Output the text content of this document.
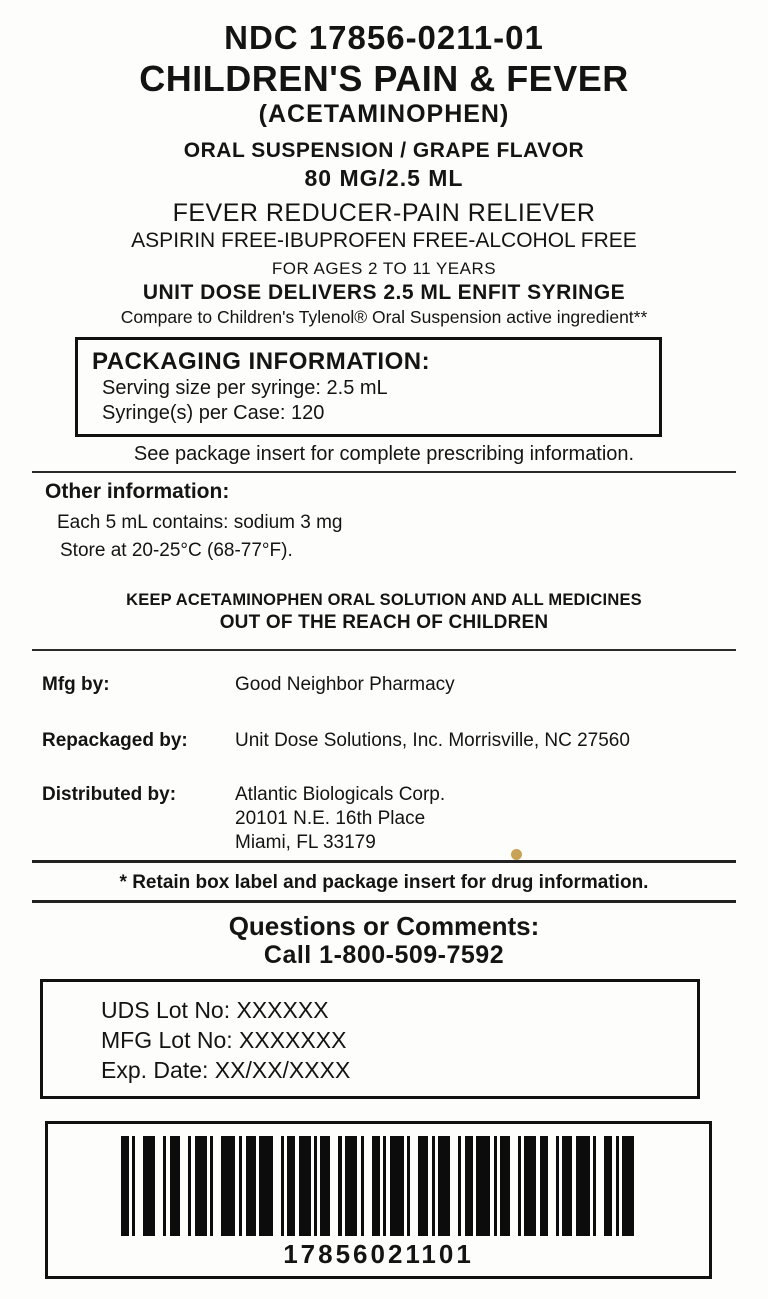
NDC 17856-0211-01
CHILDREN'S PAIN & FEVER
(ACETAMINOPHEN)
ORAL SUSPENSION / GRAPE FLAVOR
80 MG/2.5 ML
FEVER REDUCER-PAIN RELIEVER
ASPIRIN FREE-IBUPROFEN FREE-ALCOHOL FREE
FOR AGES 2 TO 11 YEARS
UNIT DOSE DELIVERS 2.5 ML ENFIT SYRINGE
Compare to Children's Tylenol® Oral Suspension active ingredient**
PACKAGING INFORMATION:
Serving size per syringe: 2.5 mL
Syringe(s) per Case: 120
See package insert for complete prescribing information.
Other information:
Each 5 mL contains: sodium 3 mg
Store at 20-25°C (68-77°F).
KEEP ACETAMINOPHEN ORAL SOLUTION AND ALL MEDICINES
OUT OF THE REACH OF CHILDREN
Mfg by:	Good Neighbor Pharmacy
Repackaged by:	Unit Dose Solutions, Inc. Morrisville, NC 27560
Distributed by:	Atlantic Biologicals Corp.
20101 N.E. 16th Place
Miami, FL 33179
* Retain box label and package insert for drug information.
Questions or Comments:
Call 1-800-509-7592
UDS Lot No: XXXXXX
MFG Lot No: XXXXXXX
Exp. Date: XX/XX/XXXX
17856021101
